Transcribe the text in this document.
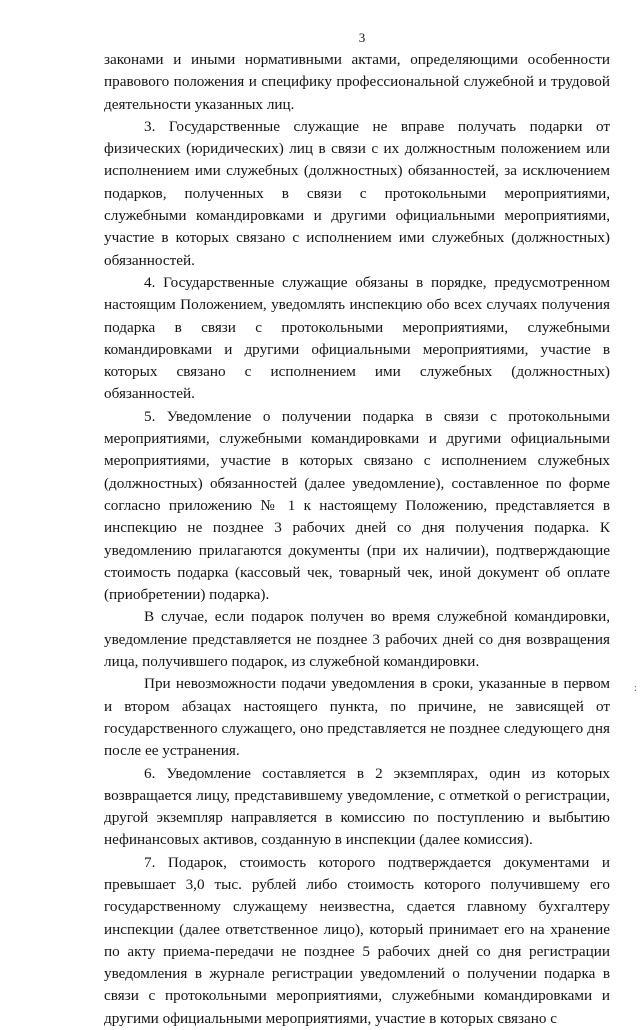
3

законами и иными нормативными актами, определяющими особенности правового положения и специфику профессиональной служебной и трудовой деятельности указанных лиц.

3. Государственные служащие не вправе получать подарки от физических (юридических) лиц в связи с их должностным положением или исполнением ими служебных (должностных) обязанностей, за исключением подарков, полученных в связи с протокольными мероприятиями, служебными командировками и другими официальными мероприятиями, участие в которых связано с исполнением ими служебных (должностных) обязанностей.

4. Государственные служащие обязаны в порядке, предусмотренном настоящим Положением, уведомлять инспекцию обо всех случаях получения подарка в связи с протокольными мероприятиями, служебными командировками и другими официальными мероприятиями, участие в которых связано с исполнением ими служебных (должностных) обязанностей.

5. Уведомление о получении подарка в связи с протокольными мероприятиями, служебными командировками и другими официальными мероприятиями, участие в которых связано с исполнением служебных (должностных) обязанностей (далее уведомление), составленное по форме согласно приложению № 1 к настоящему Положению, представляется в инспекцию не позднее 3 рабочих дней со дня получения подарка. К уведомлению прилагаются документы (при их наличии), подтверждающие стоимость подарка (кассовый чек, товарный чек, иной документ об оплате (приобретении) подарка).

В случае, если подарок получен во время служебной командировки, уведомление представляется не позднее 3 рабочих дней со дня возвращения лица, получившего подарок, из служебной командировки.

При невозможности подачи уведомления в сроки, указанные в первом и втором абзацах настоящего пункта, по причине, не зависящей от государственного служащего, оно представляется не позднее следующего дня после ее устранения.

6. Уведомление составляется в 2 экземплярах, один из которых возвращается лицу, представившему уведомление, с отметкой о регистрации, другой экземпляр направляется в комиссию по поступлению и выбытию нефинансовых активов, созданную в инспекции (далее комиссия).

7. Подарок, стоимость которого подтверждается документами и превышает 3,0 тыс. рублей либо стоимость которого получившему его государственному служащему неизвестна, сдается главному бухгалтеру инспекции (далее ответственное лицо), который принимает его на хранение по акту приема-передачи не позднее 5 рабочих дней со дня регистрации уведомления в журнале регистрации уведомлений о получении подарка в связи с протокольными мероприятиями, служебными командировками и другими официальными мероприятиями, участие в которых связано с

:
